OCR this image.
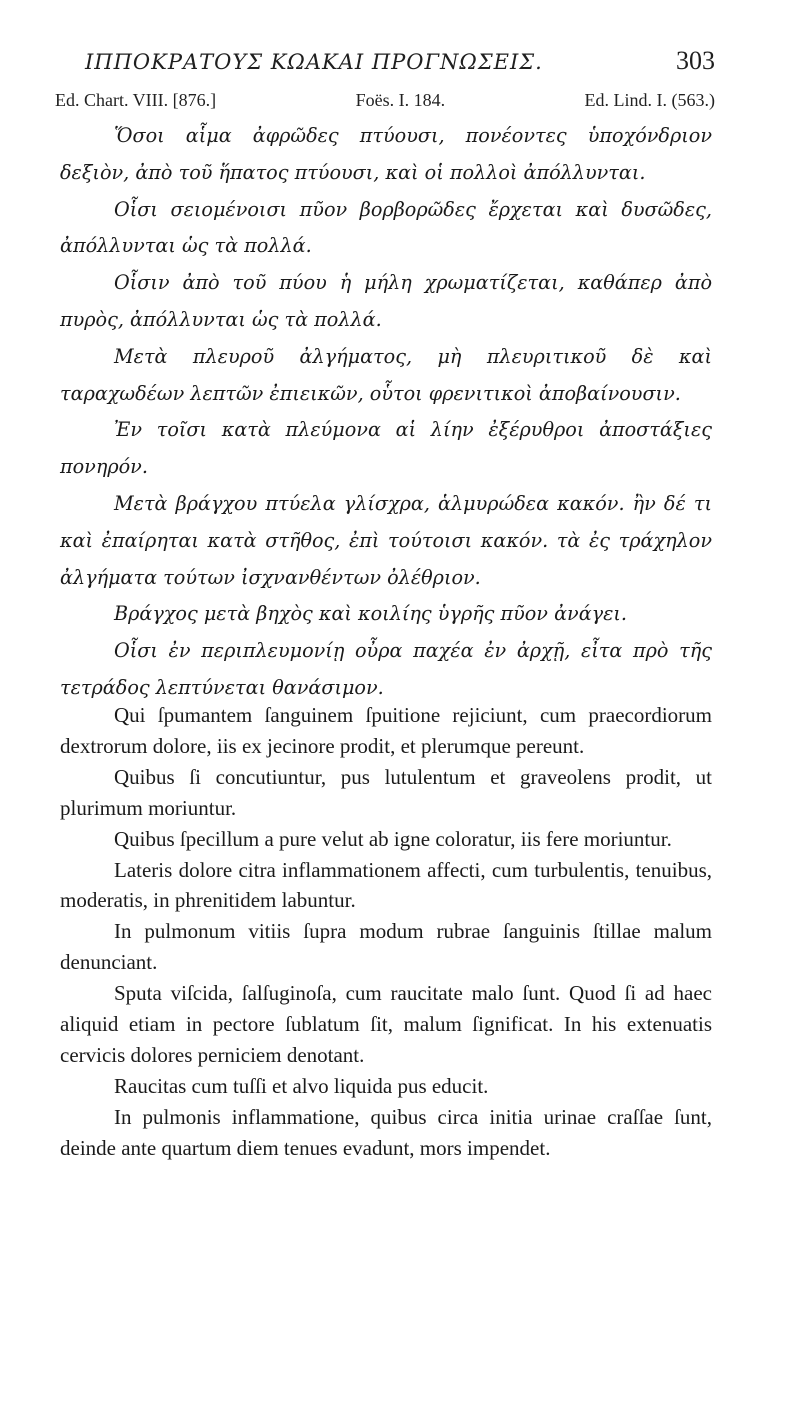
ΙΠΠΟΚΡΑΤΟΥΣ ΚΩΑΚΑΙ ΠΡΟΓΝΩΣΕΙΣ.	303
Ed. Chart. VIII. [876.]	Foës. I. 184.	Ed. Lind. I. (563.)

Ὅσοι αἷμα ἀφρῶδες πτύουσι, πονέοντες ὑποχόνδριον δεξιὸν, ἀπὸ τοῦ ἥπατος πτύουσι, καὶ οἱ πολλοὶ ἀπόλλυνται.

Οἷσι σειομένοισι πῦον βορβορῶδες ἔρχεται καὶ δυσῶδες, ἀπόλλυνται ὡς τὰ πολλά.

Οἷσιν ἀπὸ τοῦ πύου ἡ μήλη χρωματίζεται, καθάπερ ἀπὸ πυρὸς, ἀπόλλυνται ὡς τὰ πολλά.

Μετὰ πλευροῦ ἀλγήματος, μὴ πλευριτικοῦ δὲ καὶ ταραχωδέων λεπτῶν ἐπιεικῶν, οὗτοι φρενιτικοὶ ἀποβαίνουσιν.

Ἐν τοῖσι κατὰ πλεύμονα αἱ λίην ἐξέρυθροι ἀποστάξιες πονηρόν.

Μετὰ βράγχου πτύελα γλίσχρα, ἁλμυρώδεα κακόν. ἢν δέ τι καὶ ἐπαίρηται κατὰ στῆθος, ἐπὶ τούτοισι κακόν. τὰ ἐς τράχηλον ἀλγήματα τούτων ἰσχνανθέντων ὀλέθριον.

Βράγχος μετὰ βηχὸς καὶ κοιλίης ὑγρῆς πῦον ἀνάγει.

Οἷσι ἐν περιπλευμονίῃ οὖρα παχέα ἐν ἀρχῇ, εἶτα πρὸ τῆς τετράδος λεπτύνεται θανάσιμον.

Qui ſpumantem ſanguinem ſpuitione rejiciunt, cum praecordiorum dextrorum dolore, iis ex jecinore prodit, et plerumque pereunt.

Quibus ſi concutiuntur, pus lutulentum et graveolens prodit, ut plurimum moriuntur.

Quibus ſpecillum a pure velut ab igne coloratur, iis fere moriuntur.

Lateris dolore citra inflammationem affecti, cum turbulentis, tenuibus, moderatis, in phrenitidem labuntur.

In pulmonum vitiis ſupra modum rubrae ſanguinis ſtillae malum denunciant.

Sputa viſcida, ſalſuginoſa, cum raucitate malo ſunt. Quod ſi ad haec aliquid etiam in pectore ſublatum ſit, malum ſignificat. In his extenuatis cervicis dolores perniciem denotant.

Raucitas cum tuſſi et alvo liquida pus educit.

In pulmonis inflammatione, quibus circa initia urinae craſſae ſunt, deinde ante quartum diem tenues evadunt, mors impendet.
